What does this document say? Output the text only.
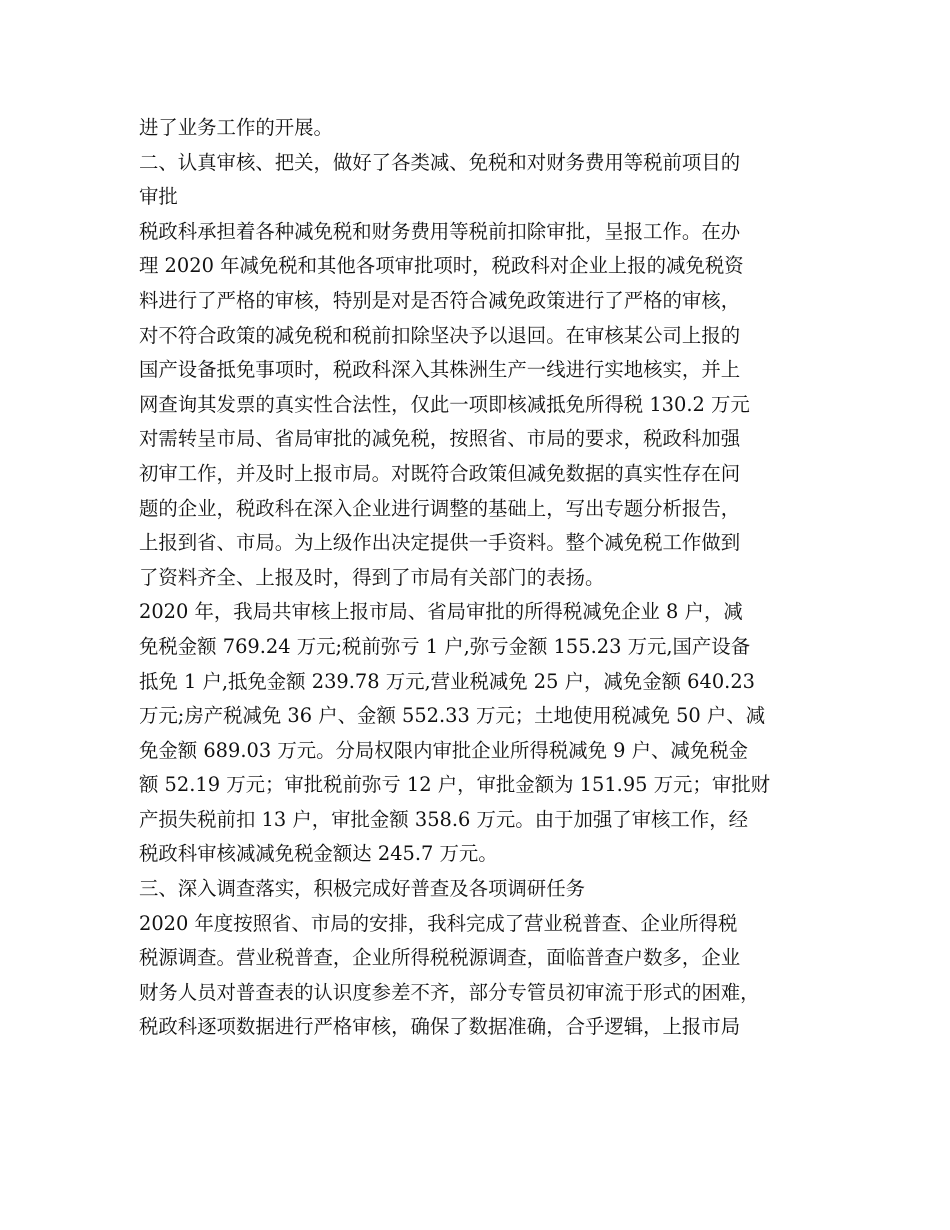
进了业务工作的开展。

二、认真审核、把关，做好了各类减、免税和对财务费用等税前项目的

审批

税政科承担着各种减免税和财务费用等税前扣除审批，呈报工作。在办

理 2020 年减免税和其他各项审批项时，税政科对企业上报的减免税资

料进行了严格的审核，特别是对是否符合减免政策进行了严格的审核，

对不符合政策的减免税和税前扣除坚决予以退回。在审核某公司上报的

国产设备抵免事项时，税政科深入其株洲生产一线进行实地核实，并上

网查询其发票的真实性合法性，仅此一项即核减抵免所得税 130.2 万元

对需转呈市局、省局审批的减免税，按照省、市局的要求，税政科加强

初审工作，并及时上报市局。对既符合政策但减免数据的真实性存在问

题的企业，税政科在深入企业进行调整的基础上，写出专题分析报告，

上报到省、市局。为上级作出决定提供一手资料。整个减免税工作做到

了资料齐全、上报及时，得到了市局有关部门的表扬。

2020 年，我局共审核上报市局、省局审批的所得税减免企业 8 户，减

免税金额 769.24 万元;税前弥亏 1 户,弥亏金额 155.23 万元,国产设备

抵免 1 户,抵免金额 239.78 万元,营业税减免 25 户，减免金额 640.23

万元;房产税减免 36 户、金额 552.33 万元；土地使用税减免 50 户、减

免金额 689.03 万元。分局权限内审批企业所得税减免 9 户、减免税金

额 52.19 万元；审批税前弥亏 12 户，审批金额为 151.95 万元；审批财

产损失税前扣 13 户，审批金额 358.6 万元。由于加强了审核工作，经

税政科审核减减免税金额达 245.7 万元。

三、深入调查落实，积极完成好普查及各项调研任务

2020 年度按照省、市局的安排，我科完成了营业税普查、企业所得税

税源调查。营业税普查，企业所得税税源调查，面临普查户数多，企业

财务人员对普查表的认识度参差不齐，部分专管员初审流于形式的困难，

税政科逐项数据进行严格审核，确保了数据准确，合乎逻辑，上报市局
